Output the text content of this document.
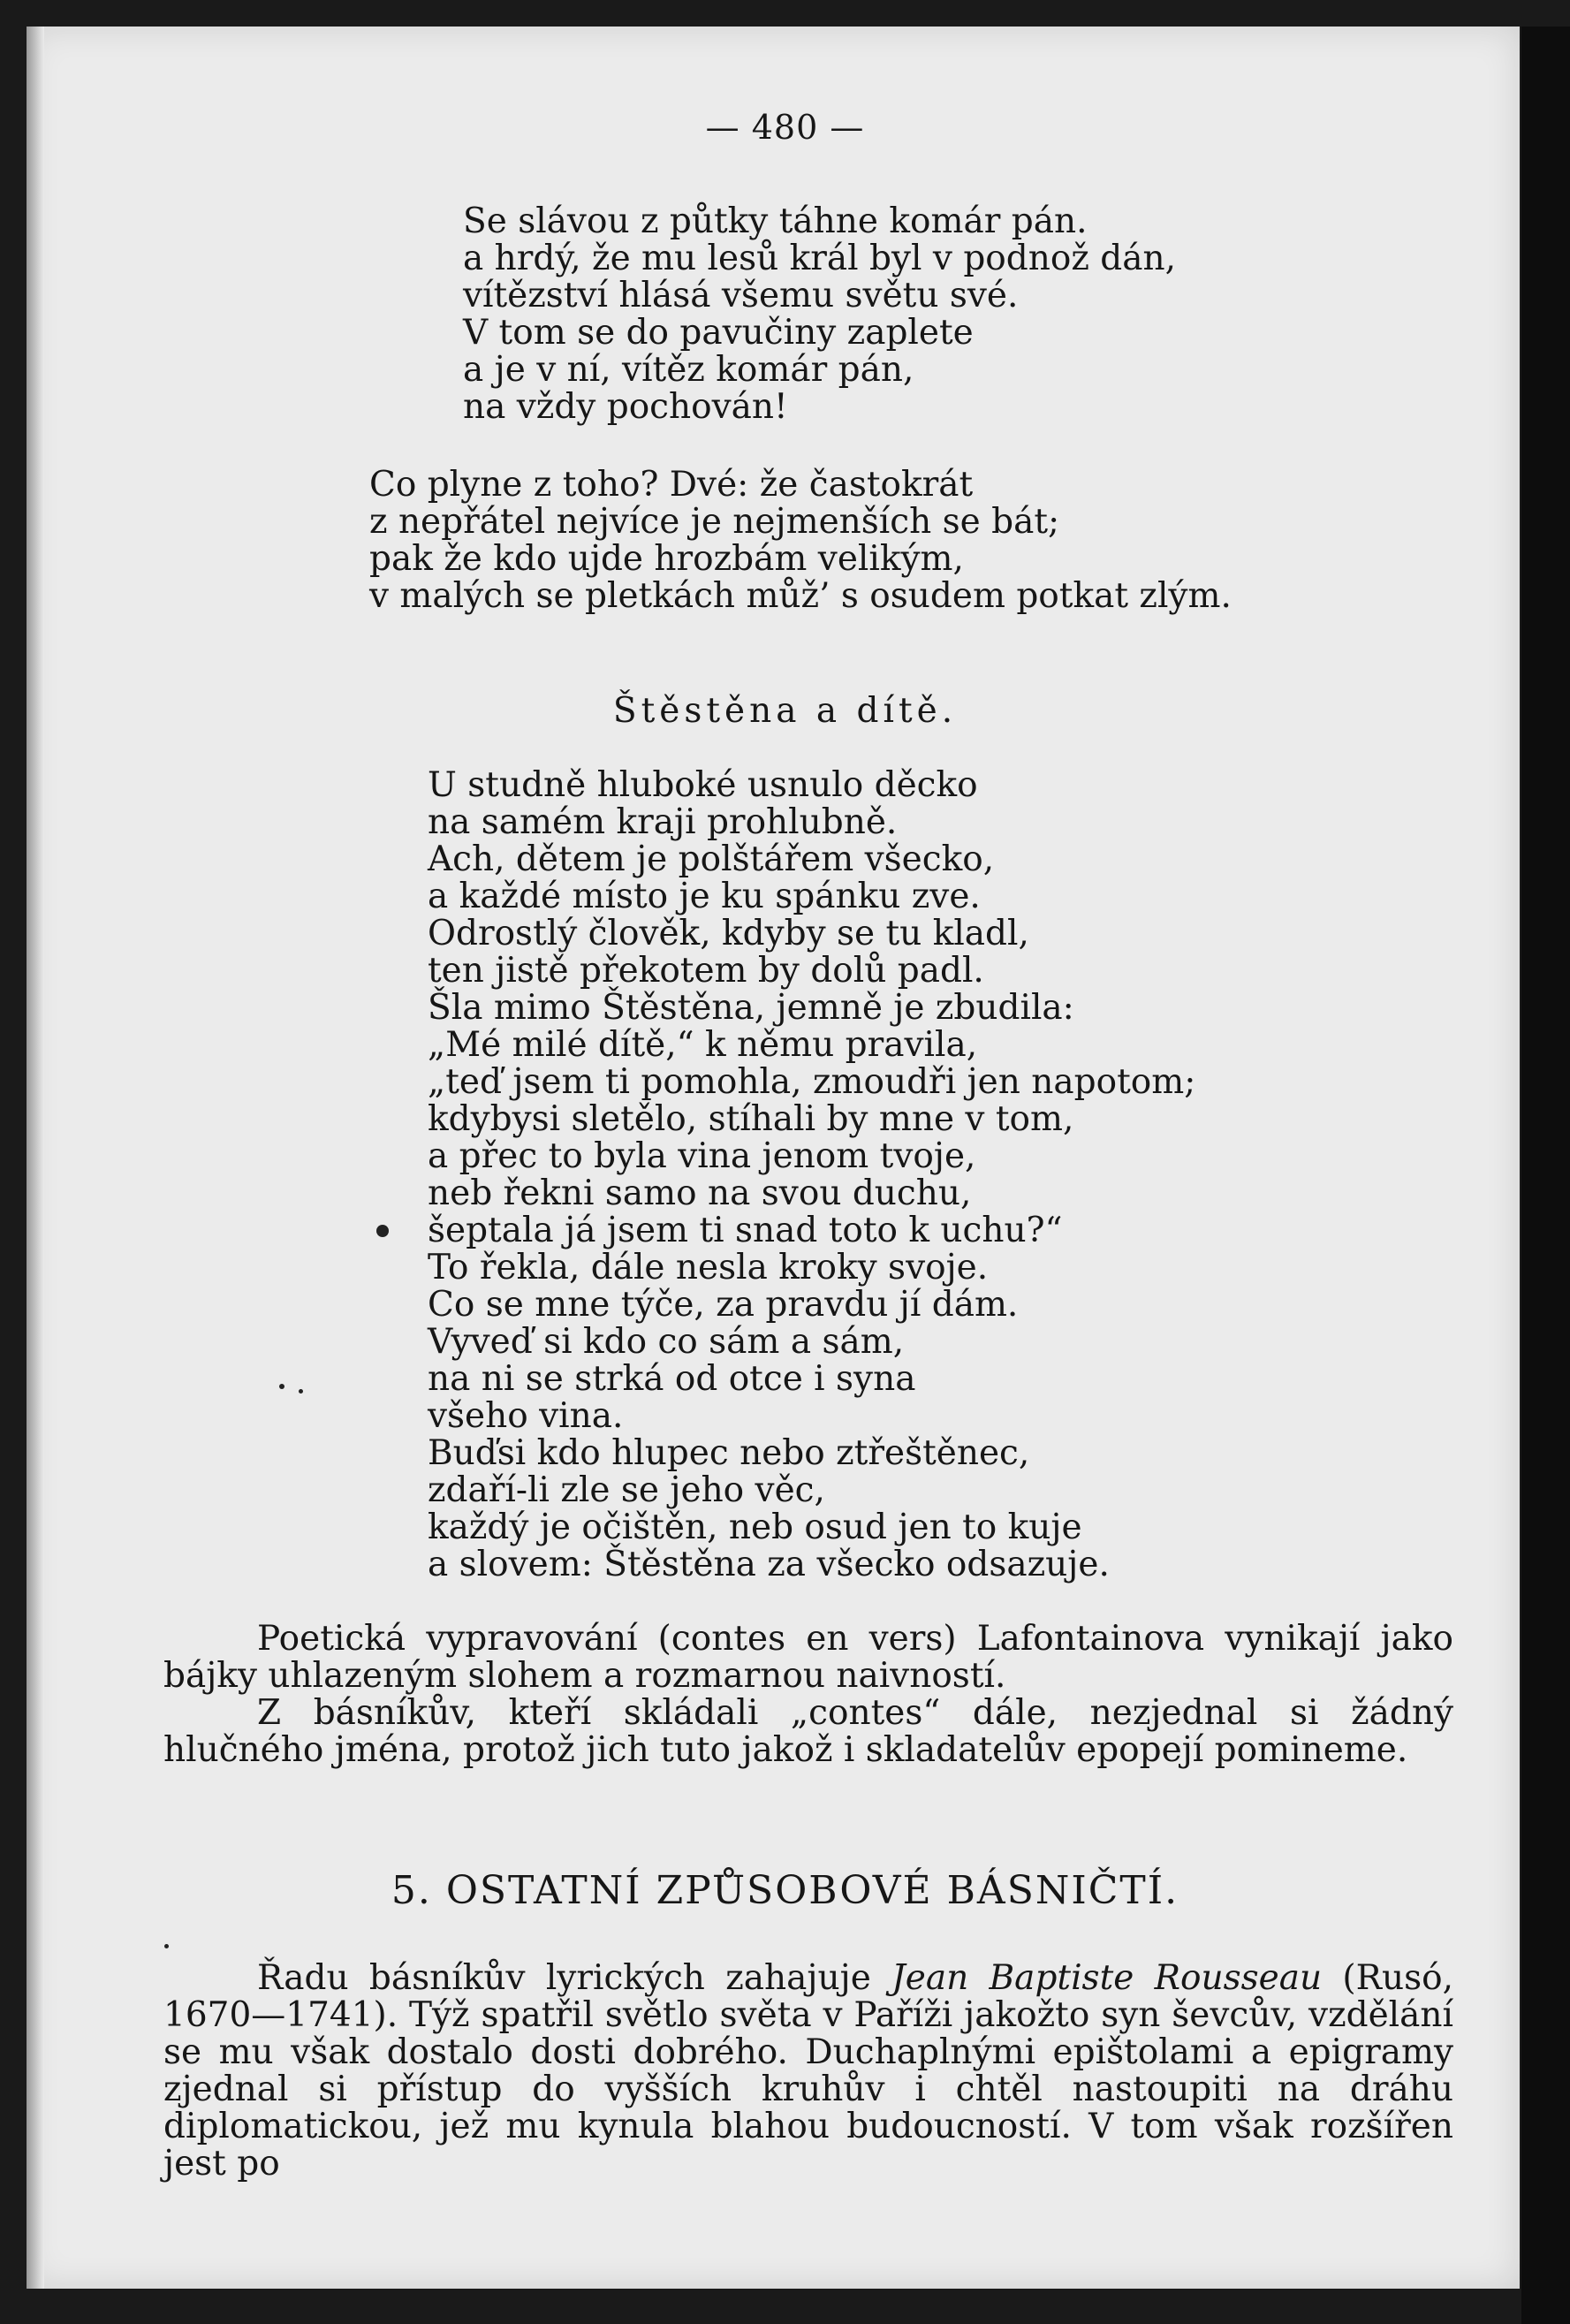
— 480 —
Se slávou z půtky táhne komár pán.
a hrdý, že mu lesů král byl v podnož dán,
vítězství hlásá všemu světu své.
V tom se do pavučiny zaplete
a je v ní, vítěz komár pán,
na vždy pochován!
Co plyne z toho? Dvé: že častokrát
z nepřátel nejvíce je nejmenších se bát;
pak že kdo ujde hrozbám velikým,
v malých se pletkách můž’ s osudem potkat zlým.
Štěstěna a dítě.
U studně hluboké usnulo děcko
na samém kraji prohlubně.
Ach, dětem je polštářem všecko,
a každé místo je ku spánku zve.
Odrostlý člověk, kdyby se tu kladl,
ten jistě překotem by dolů padl.
Šla mimo Štěstěna, jemně je zbudila:
„Mé milé dítě,“ k němu pravila,
„teď jsem ti pomohla, zmoudři jen napotom;
kdybysi sletělo, stíhali by mne v tom,
a přec to byla vina jenom tvoje,
neb řekni samo na svou duchu,
šeptala já jsem ti snad toto k uchu?“
To řekla, dále nesla kroky svoje.
Co se mne týče, za pravdu jí dám.
Vyveď si kdo co sám a sám,
na ni se strká od otce i syna
všeho vina.
Buďsi kdo hlupec nebo ztřeštěnec,
zdaří-li zle se jeho věc,
každý je očištěn, neb osud jen to kuje
a slovem: Štěstěna za všecko odsazuje.

Poetická vypravování (contes en vers) Lafontainova vynikají jako bájky uhlazeným slohem a rozmarnou naivností.

Z básníkův, kteří skládali „contes“ dále, nezjednal si žádný hlučného jména, protož jich tuto jakož i skladatelův epopejí pomineme.

5. OSTATNÍ ZPŮSOBOVÉ BÁSNIČTÍ.

Řadu básníkův lyrických zahajuje Jean Baptiste Rousseau (Rusó, 1670—1741). Týž spatřil světlo světa v Paříži jakožto syn ševcův, vzdělání se mu však dostalo dosti dobrého. Duchaplnými epištolami a epigramy zjednal si přístup do vyšších kruhův i chtěl nastoupiti na dráhu diplomatickou, jež mu kynula blahou budoucností. V tom však rozšířen jest po
